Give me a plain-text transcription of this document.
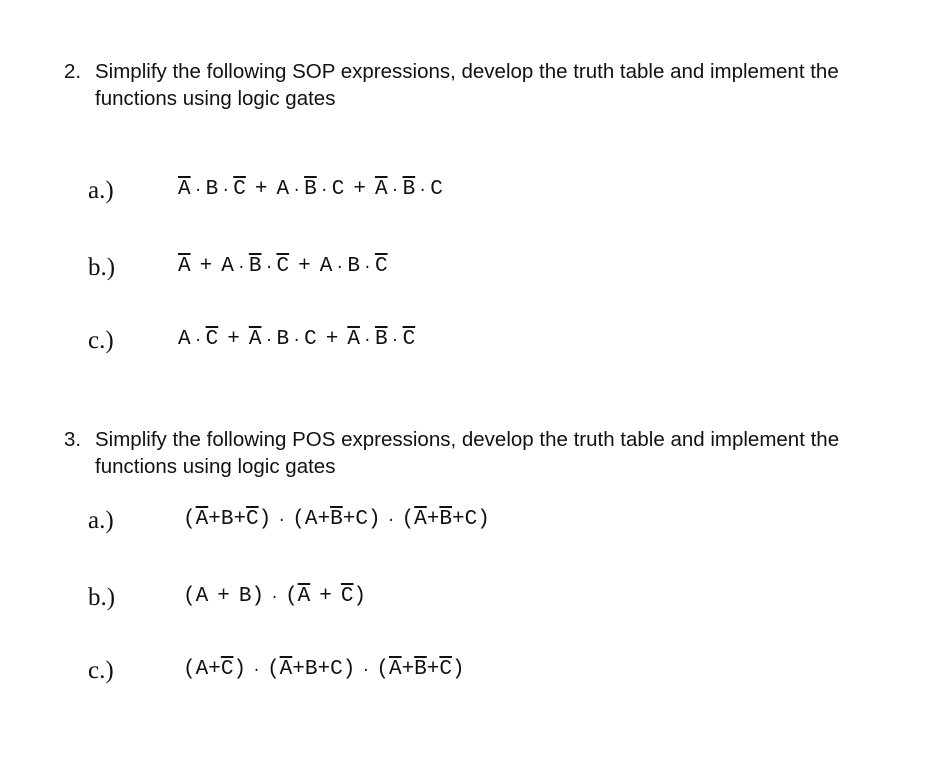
2. Simplify the following SOP expressions, develop the truth table and implement the
functions using logic gates
a.)	$\overline{A} \cdot B \cdot \overline{C} + A \cdot \overline{B} \cdot C + \overline{A} \cdot \overline{B} \cdot C$
b.)	$\overline{A} + A \cdot \overline{B} \cdot \overline{C} + A \cdot B \cdot \overline{C}$
c.)	$A \cdot \overline{C} + \overline{A} \cdot B \cdot C + \overline{A} \cdot \overline{B} \cdot \overline{C}$
3. Simplify the following POS expressions, develop the truth table and implement the
functions using logic gates
a.)	$(\overline{A}+B+\overline{C}) \cdot (A+\overline{B}+C) \cdot (\overline{A}+\overline{B}+C)$
b.)	$(A + B) \cdot (\overline{A} + \overline{C})$
c.)	$(A+\overline{C}) \cdot (\overline{A}+B+C) \cdot (\overline{A}+\overline{B}+\overline{C})$
